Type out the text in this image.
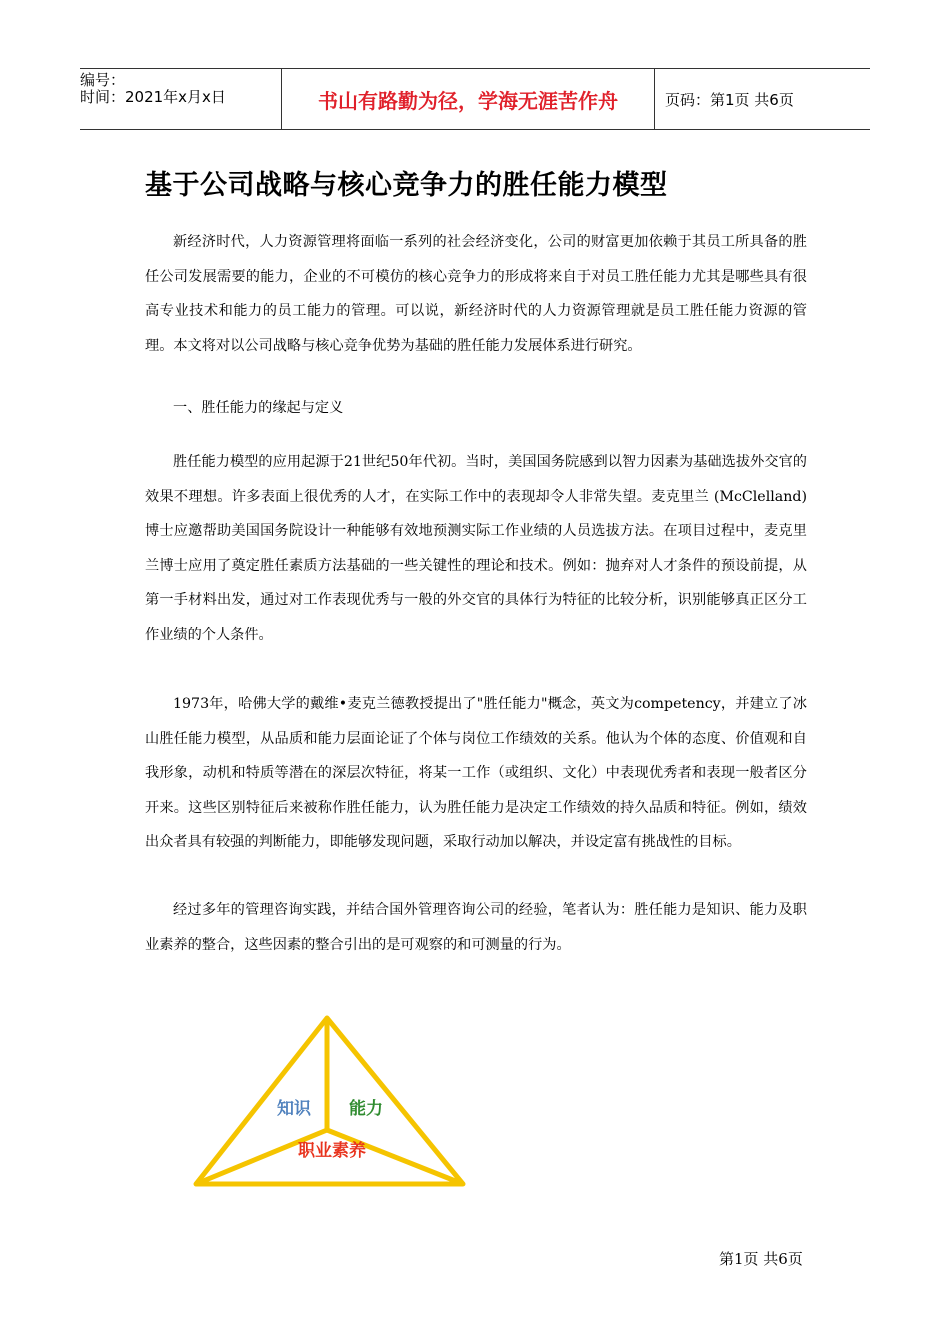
编号：
时间：2021年x月x日	书山有路勤为径，学海无涯苦作舟	页码：第1页 共6页
基于公司战略与核心竞争力的胜任能力模型

新经济时代，人力资源管理将面临一系列的社会经济变化，公司的财富更加依赖于其员工所具备的胜任公司发展需要的能力，企业的不可模仿的核心竞争力的形成将来自于对员工胜任能力尤其是哪些具有很高专业技术和能力的员工能力的管理。可以说，新经济时代的人力资源管理就是员工胜任能力资源的管理。本文将对以公司战略与核心竞争优势为基础的胜任能力发展体系进行研究。

一、胜任能力的缘起与定义

胜任能力模型的应用起源于21世纪50年代初。当时，美国国务院感到以智力因素为基础选拔外交官的效果不理想。许多表面上很优秀的人才，在实际工作中的表现却令人非常失望。麦克里兰 (McClelland) 博士应邀帮助美国国务院设计一种能够有效地预测实际工作业绩的人员选拔方法。在项目过程中，麦克里兰博士应用了奠定胜任素质方法基础的一些关键性的理论和技术。例如：抛弃对人才条件的预设前提，从第一手材料出发，通过对工作表现优秀与一般的外交官的具体行为特征的比较分析，识别能够真正区分工作业绩的个人条件。

1973年，哈佛大学的戴维•麦克兰德教授提出了"胜任能力"概念，英文为competency，并建立了冰山胜任能力模型，从品质和能力层面论证了个体与岗位工作绩效的关系。他认为个体的态度、价值观和自我形象，动机和特质等潜在的深层次特征，将某一工作（或组织、文化）中表现优秀者和表现一般者区分开来。这些区别特征后来被称作胜任能力，认为胜任能力是决定工作绩效的持久品质和特征。例如，绩效出众者具有较强的判断能力，即能够发现问题，采取行动加以解决，并设定富有挑战性的目标。

经过多年的管理咨询实践，并结合国外管理咨询公司的经验，笔者认为：胜任能力是知识、能力及职业素养的整合，这些因素的整合引出的是可观察的和可测量的行为。

知识 能力
职业素养
第1页 共6页
